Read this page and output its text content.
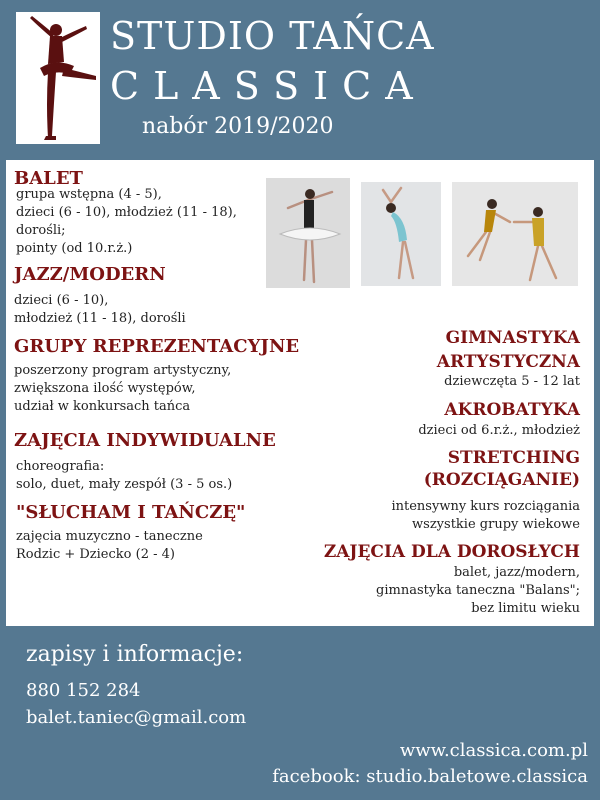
STUDIO TAŃCA
CLASSICA
nabór 2019/2020
BALET
grupa wstępna (4 - 5),
dzieci (6 - 10), młodzież (11 - 18),
dorośli;
pointy (od 10.r.ż.)
JAZZ/MODERN
dzieci (6 - 10),
młodzież (11 - 18), dorośli
GRUPY REPREZENTACYJNE
poszerzony program artystyczny,
zwiększona ilość występów,
udział w konkursach tańca
ZAJĘCIA INDYWIDUALNE
choreografia:
solo, duet, mały zespół (3 - 5 os.)
"SŁUCHAM I TAŃCZĘ"
zajęcia muzyczno - taneczne
Rodzic + Dziecko (2 - 4)
GIMNASTYKA
ARTYSTYCZNA
dziewczęta 5 - 12 lat
AKROBATYKA
dzieci od 6.r.ż., młodzież
STRETCHING
(ROZCIĄGANIE)
intensywny kurs rozciągania
wszystkie grupy wiekowe
ZAJĘCIA DLA DOROSŁYCH
balet, jazz/modern,
gimnastyka taneczna "Balans";
bez limitu wieku
zapisy i informacje:
880 152 284
balet.taniec@gmail.com
www.classica.com.pl
facebook: studio.baletowe.classica
